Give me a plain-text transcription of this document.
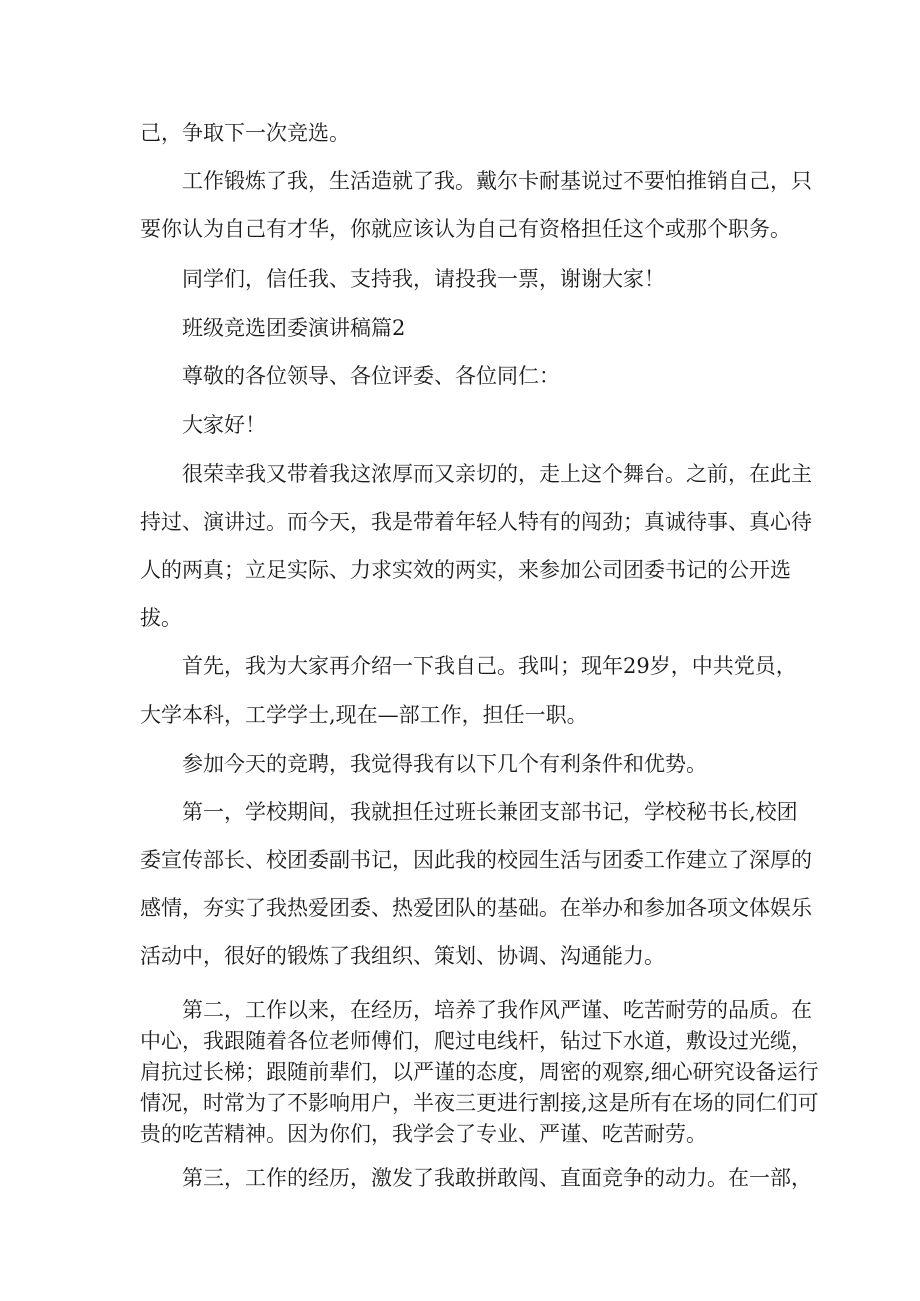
己，争取下一次竞选。

工作锻炼了我，生活造就了我。戴尔卡耐基说过不要怕推销自己，只

要你认为自己有才华，你就应该认为自己有资格担任这个或那个职务。

同学们，信任我、支持我，请投我一票，谢谢大家！

班级竞选团委演讲稿篇2

尊敬的各位领导、各位评委、各位同仁：

大家好！

很荣幸我又带着我这浓厚而又亲切的，走上这个舞台。之前，在此主

持过、演讲过。而今天，我是带着年轻人特有的闯劲；真诚待事、真心待

人的两真；立足实际、力求实效的两实，来参加公司团委书记的公开选

拔。

首先，我为大家再介绍一下我自己。我叫；现年29岁，中共党员，

大学本科，工学学士,现在—部工作，担任一职。

参加今天的竞聘，我觉得我有以下几个有利条件和优势。

第一，学校期间，我就担任过班长兼团支部书记，学校秘书长,校团

委宣传部长、校团委副书记，因此我的校园生活与团委工作建立了深厚的

感情，夯实了我热爱团委、热爱团队的基础。在举办和参加各项文体娱乐

活动中，很好的锻炼了我组织、策划、协调、沟通能力。

第二，工作以来，在经历，培养了我作风严谨、吃苦耐劳的品质。在

中心，我跟随着各位老师傅们，爬过电线杆，钻过下水道，敷设过光缆，

肩抗过长梯；跟随前辈们，以严谨的态度，周密的观察,细心研究设备运行

情况，时常为了不影响用户，半夜三更进行割接,这是所有在场的同仁们可

贵的吃苦精神。因为你们，我学会了专业、严谨、吃苦耐劳。

第三，工作的经历，激发了我敢拼敢闯、直面竞争的动力。在一部，
